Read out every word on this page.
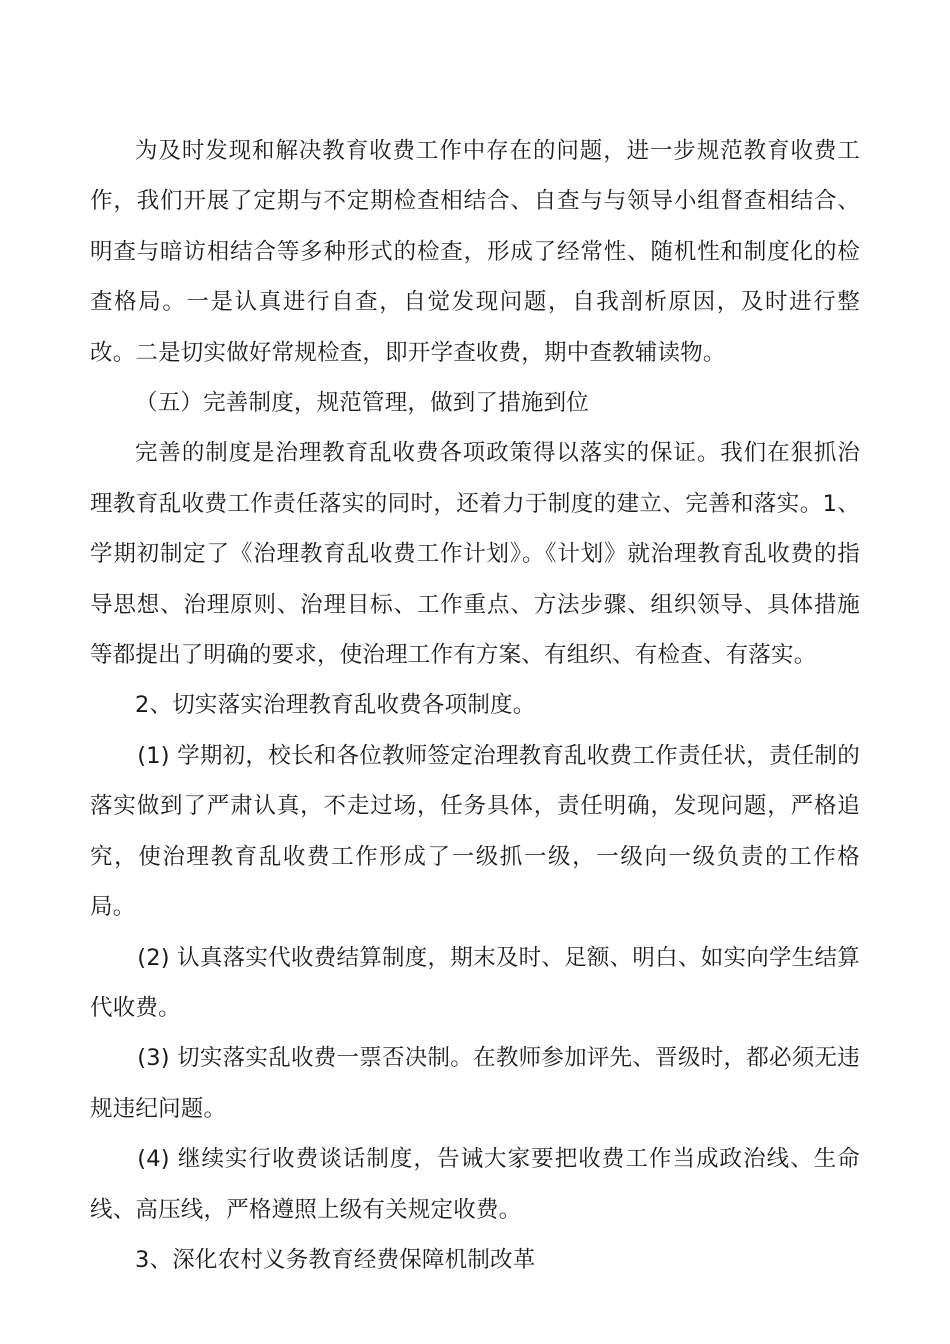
为及时发现和解决教育收费工作中存在的问题，进一步规范教育收费工作，我们开展了定期与不定期检查相结合、自查与与领导小组督查相结合、明查与暗访相结合等多种形式的检查，形成了经常性、随机性和制度化的检查格局。一是认真进行自查，自觉发现问题，自我剖析原因，及时进行整改。二是切实做好常规检查，即开学查收费，期中查教辅读物。

（五）完善制度，规范管理，做到了措施到位

完善的制度是治理教育乱收费各项政策得以落实的保证。我们在狠抓治理教育乱收费工作责任落实的同时，还着力于制度的建立、完善和落实。1、学期初制定了《治理教育乱收费工作计划》。《计划》就治理教育乱收费的指导思想、治理原则、治理目标、工作重点、方法步骤、组织领导、具体措施等都提出了明确的要求，使治理工作有方案、有组织、有检查、有落实。

2、切实落实治理教育乱收费各项制度。

(1) 学期初，校长和各位教师签定治理教育乱收费工作责任状，责任制的落实做到了严肃认真，不走过场，任务具体，责任明确，发现问题，严格追究，使治理教育乱收费工作形成了一级抓一级，一级向一级负责的工作格局。

(2) 认真落实代收费结算制度，期末及时、足额、明白、如实向学生结算代收费。

(3) 切实落实乱收费一票否决制。在教师参加评先、晋级时，都必须无违规违纪问题。

(4) 继续实行收费谈话制度，告诫大家要把收费工作当成政治线、生命线、高压线，严格遵照上级有关规定收费。

3、深化农村义务教育经费保障机制改革
